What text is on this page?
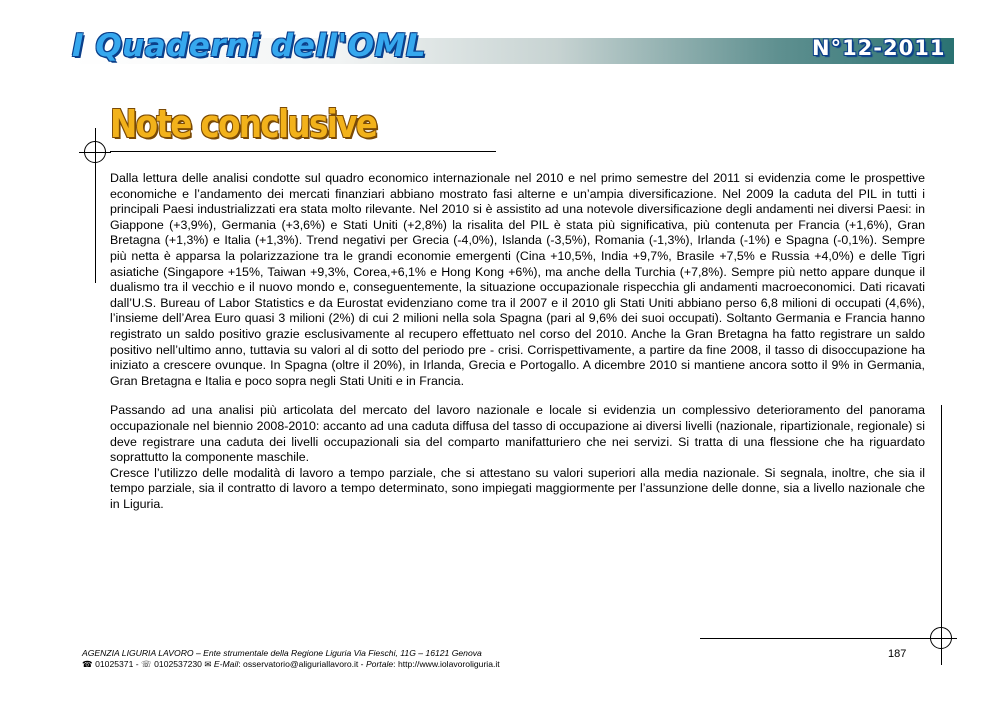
I Quaderni dell'OML	N°12-2011
Note conclusive

Dalla lettura delle analisi condotte sul quadro economico internazionale nel 2010 e nel primo semestre del 2011 si evidenzia come le prospettive economiche e l’andamento dei mercati finanziari abbiano mostrato fasi alterne e un’ampia diversificazione. Nel 2009 la caduta del PIL in tutti i principali Paesi industrializzati era stata molto rilevante. Nel 2010 si è assistito ad una notevole diversificazione degli andamenti nei diversi Paesi: in Giappone (+3,9%), Germania (+3,6%) e Stati Uniti (+2,8%) la risalita del PIL è stata più significativa, più contenuta per Francia (+1,6%), Gran Bretagna (+1,3%) e Italia (+1,3%). Trend negativi per Grecia (-4,0%), Islanda (-3,5%), Romania (-1,3%), Irlanda (-1%) e Spagna (-0,1%). Sempre più netta è apparsa la polarizzazione tra le grandi economie emergenti (Cina +10,5%, India +9,7%, Brasile +7,5% e Russia +4,0%) e delle Tigri asiatiche (Singapore +15%, Taiwan +9,3%, Corea,+6,1% e Hong Kong +6%), ma anche della Turchia (+7,8%). Sempre più netto appare dunque il dualismo tra il vecchio e il nuovo mondo e, conseguentemente, la situazione occupazionale rispecchia gli andamenti macroeconomici. Dati ricavati dall’U.S. Bureau of Labor Statistics e da Eurostat evidenziano come tra il 2007 e il 2010 gli Stati Uniti abbiano perso 6,8 milioni di occupati (4,6%), l’insieme dell’Area Euro quasi 3 milioni (2%) di cui 2 milioni nella sola Spagna (pari al 9,6% dei suoi occupati). Soltanto Germania e Francia hanno registrato un saldo positivo grazie esclusivamente al recupero effettuato nel corso del 2010. Anche la Gran Bretagna ha fatto registrare un saldo positivo nell’ultimo anno, tuttavia su valori al di sotto del periodo pre - crisi. Corrispettivamente, a partire da fine 2008, il tasso di disoccupazione ha iniziato a crescere ovunque. In Spagna (oltre il 20%), in Irlanda, Grecia e Portogallo. A dicembre 2010 si mantiene ancora sotto il 9% in Germania, Gran Bretagna e Italia e poco sopra negli Stati Uniti e in Francia.

Passando ad una analisi più articolata del mercato del lavoro nazionale e locale si evidenzia un complessivo deterioramento del panorama occupazionale nel biennio 2008-2010: accanto ad una caduta diffusa del tasso di occupazione ai diversi livelli (nazionale, ripartizionale, regionale) si deve registrare una caduta dei livelli occupazionali sia del comparto manifatturiero che nei servizi. Si tratta di una flessione che ha riguardato soprattutto la componente maschile.

Cresce l’utilizzo delle modalità di lavoro a tempo parziale, che si attestano su valori superiori alla media nazionale. Si segnala, inoltre, che sia il tempo parziale, sia il contratto di lavoro a tempo determinato, sono impiegati maggiormente per l’assunzione delle donne, sia a livello nazionale che in Liguria.

AGENZIA LIGURIA LAVORO – Ente strumentale della Regione Liguria Via Fieschi, 11G – 16121 Genova
☎ 01025371 - ☏ 0102537230 ✉ E-Mail: osservatorio@aliguriallavoro.it - Portale: http://www.iolavoroliguria.it
187
